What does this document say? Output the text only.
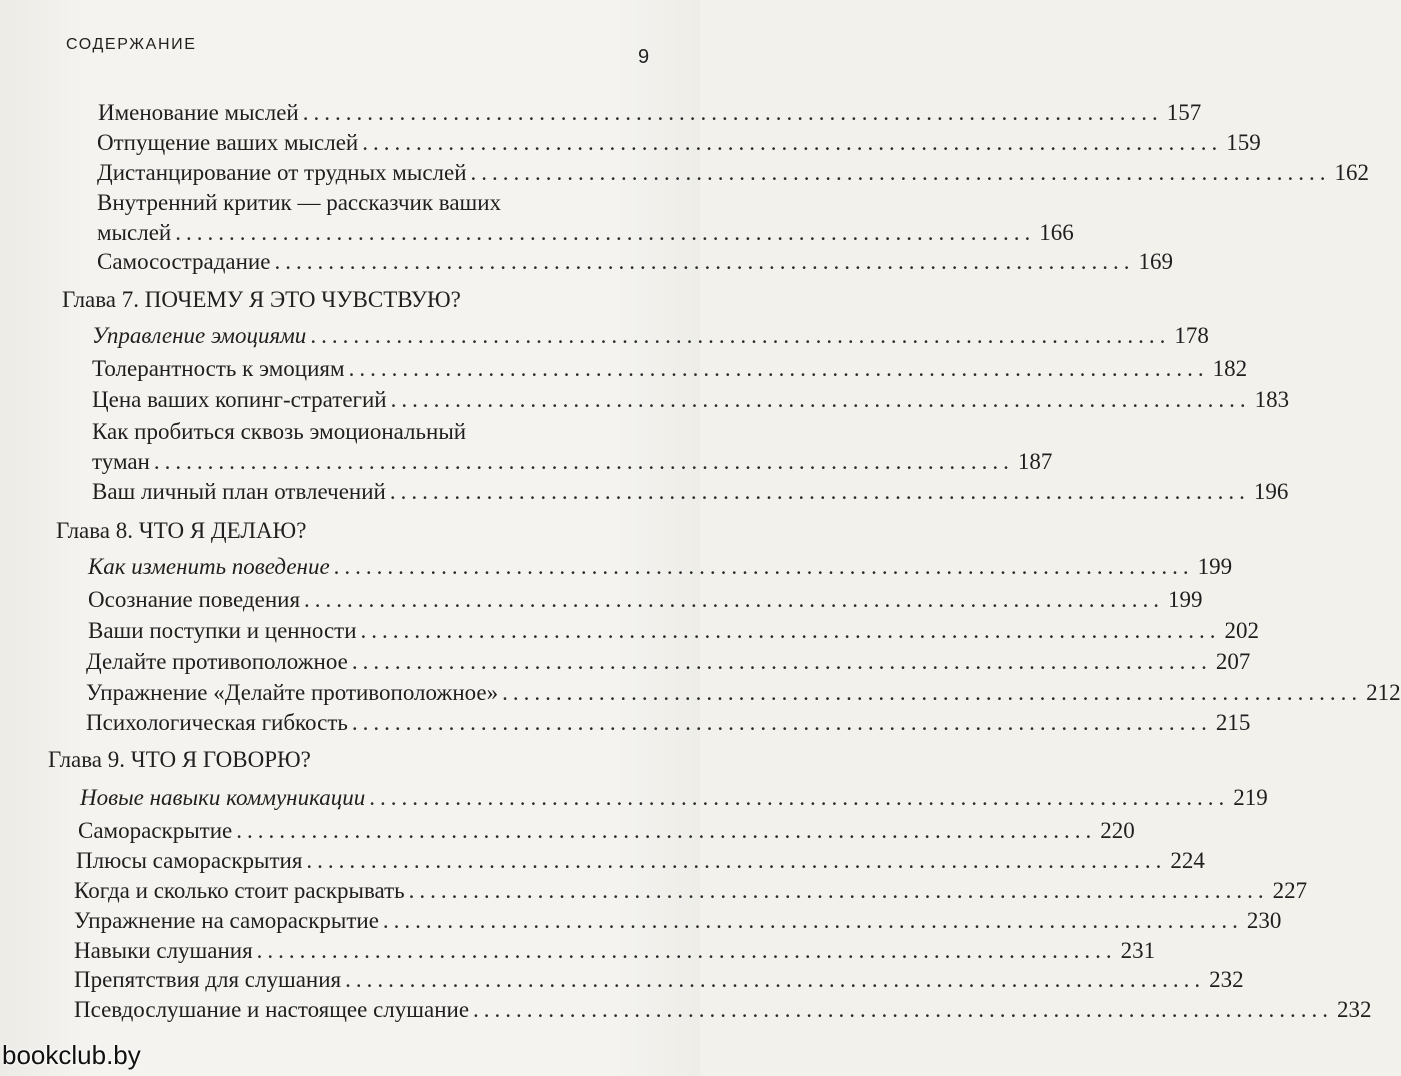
СОДЕРЖАНИЕ
9
Именование мыслей ................................................................................ 157
Отпущение ваших мыслей ................................................................................ 159
Дистанцирование от трудных мыслей ................................................................................ 162
Внутренний критик — рассказчик ваших
мыслей ................................................................................ 166
Самосострадание ................................................................................ 169
Глава 7. ПОЧЕМУ Я ЭТО ЧУВСТВУЮ?
Управление эмоциями ................................................................................ 178
Толерантность к эмоциям ................................................................................ 182
Цена ваших копинг-стратегий ................................................................................ 183
Как пробиться сквозь эмоциональный
туман ................................................................................ 187
Ваш личный план отвлечений ................................................................................ 196
Глава 8. ЧТО Я ДЕЛАЮ?
Как изменить поведение ................................................................................ 199
Осознание поведения ................................................................................ 199
Ваши поступки и ценности ................................................................................ 202
Делайте противоположное ................................................................................ 207
Упражнение «Делайте противоположное» ................................................................................ 212
Психологическая гибкость ................................................................................ 215
Глава 9. ЧТО Я ГОВОРЮ?
Новые навыки коммуникации ................................................................................ 219
Самораскрытие ................................................................................ 220
Плюсы самораскрытия ................................................................................ 224
Когда и сколько стоит раскрывать ................................................................................ 227
Упражнение на самораскрытие ................................................................................ 230
Навыки слушания ................................................................................ 231
Препятствия для слушания ................................................................................ 232
Псевдослушание и настоящее слушание ................................................................................ 232
bookclub.by
